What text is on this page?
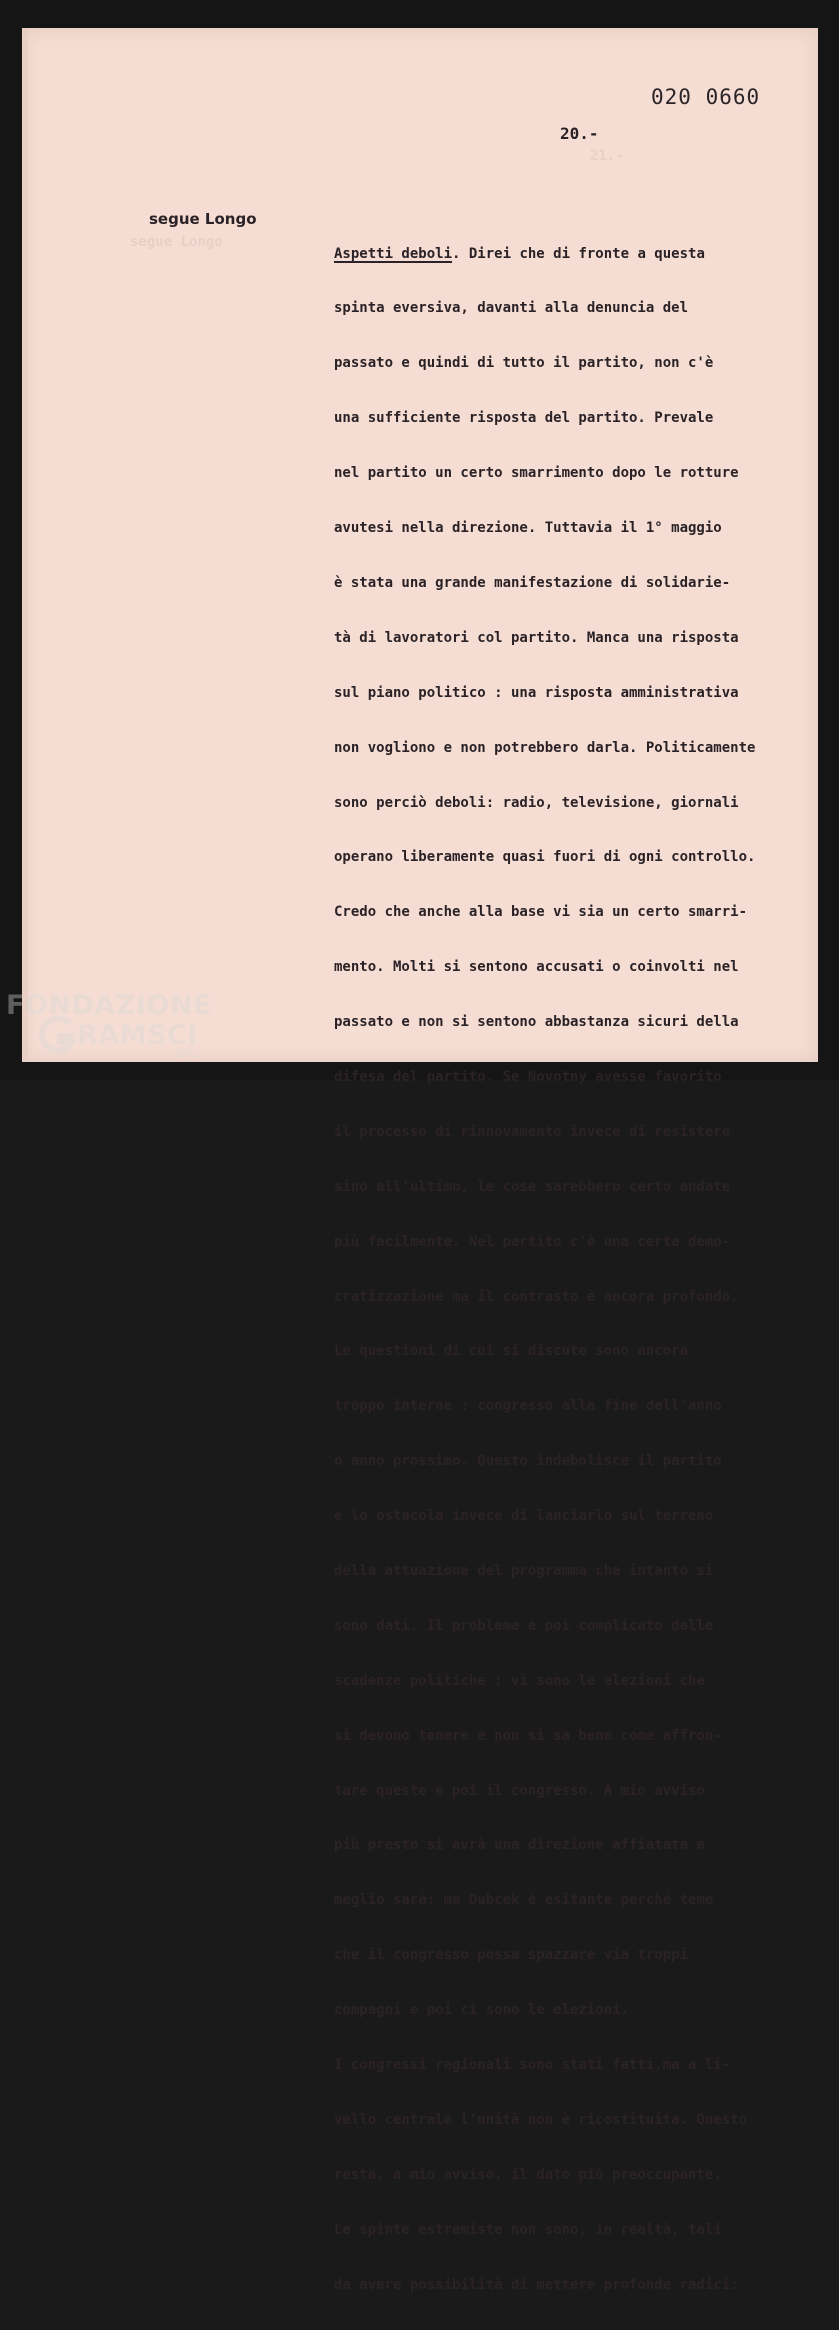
21.-
segue Longo
020 0660
20.-
segue Longo

Aspetti deboli. Direi che di fronte a questa

spinta eversiva, davanti alla denuncia del

passato e quindi di tutto il partito, non c'è

una sufficiente risposta del partito. Prevale

nel partito un certo smarrimento dopo le rotture

avutesi nella direzione. Tuttavia il 1° maggio

è stata una grande manifestazione di solidarie-

tà di lavoratori col partito. Manca una risposta

sul piano politico : una risposta amministrativa

non vogliono e non potrebbero darla. Politicamente

sono perciò deboli: radio, televisione, giornali

operano liberamente quasi fuori di ogni controllo.

Credo che anche alla base vi sia un certo smarri-

mento. Molti si sentono accusati o coinvolti nel

passato e non si sentono abbastanza sicuri della

difesa del partito. Se Novotny avesse favorito

il processo di rinnovamento invece di resistere

sino all'ultimo, le cose sarebbero certo andate

più facilmente. Nel partito c'è una certa demo-

cratizzazione ma il contrasto è ancora profondo.

Le questioni di cui si discute sono ancora

troppo interne : congresso alla fine dell'anno

o anno prossimo. Questo indebolisce il partito

e lo ostacola invece di lanciarlo sul terreno

della attuazione del programma che intanto si

sono dati. Il problema è poi complicato dalle

scadenze politiche : vi sono le elezioni che

si devono tenere e non si sa bene come affron-

tare queste e poi il congresso. A mio avviso

più presto si avrà una direzione affiatata e

meglio sarà: ma Dubcek è esitante perché teme

che il congresso possa spazzare via troppi

compagni e poi ci sono le elezioni.

I congressi regionali sono stati fatti,ma a li-

vello centrale l'unità non è ricostituita. Questo

resta, a mio avviso, il dato più preoccupante.

Le spinte estremiste non sono, in realtà, tali

da avere possibilità di mettere profonde radici:

FONDAZIONE
RAMSCI
onlus
